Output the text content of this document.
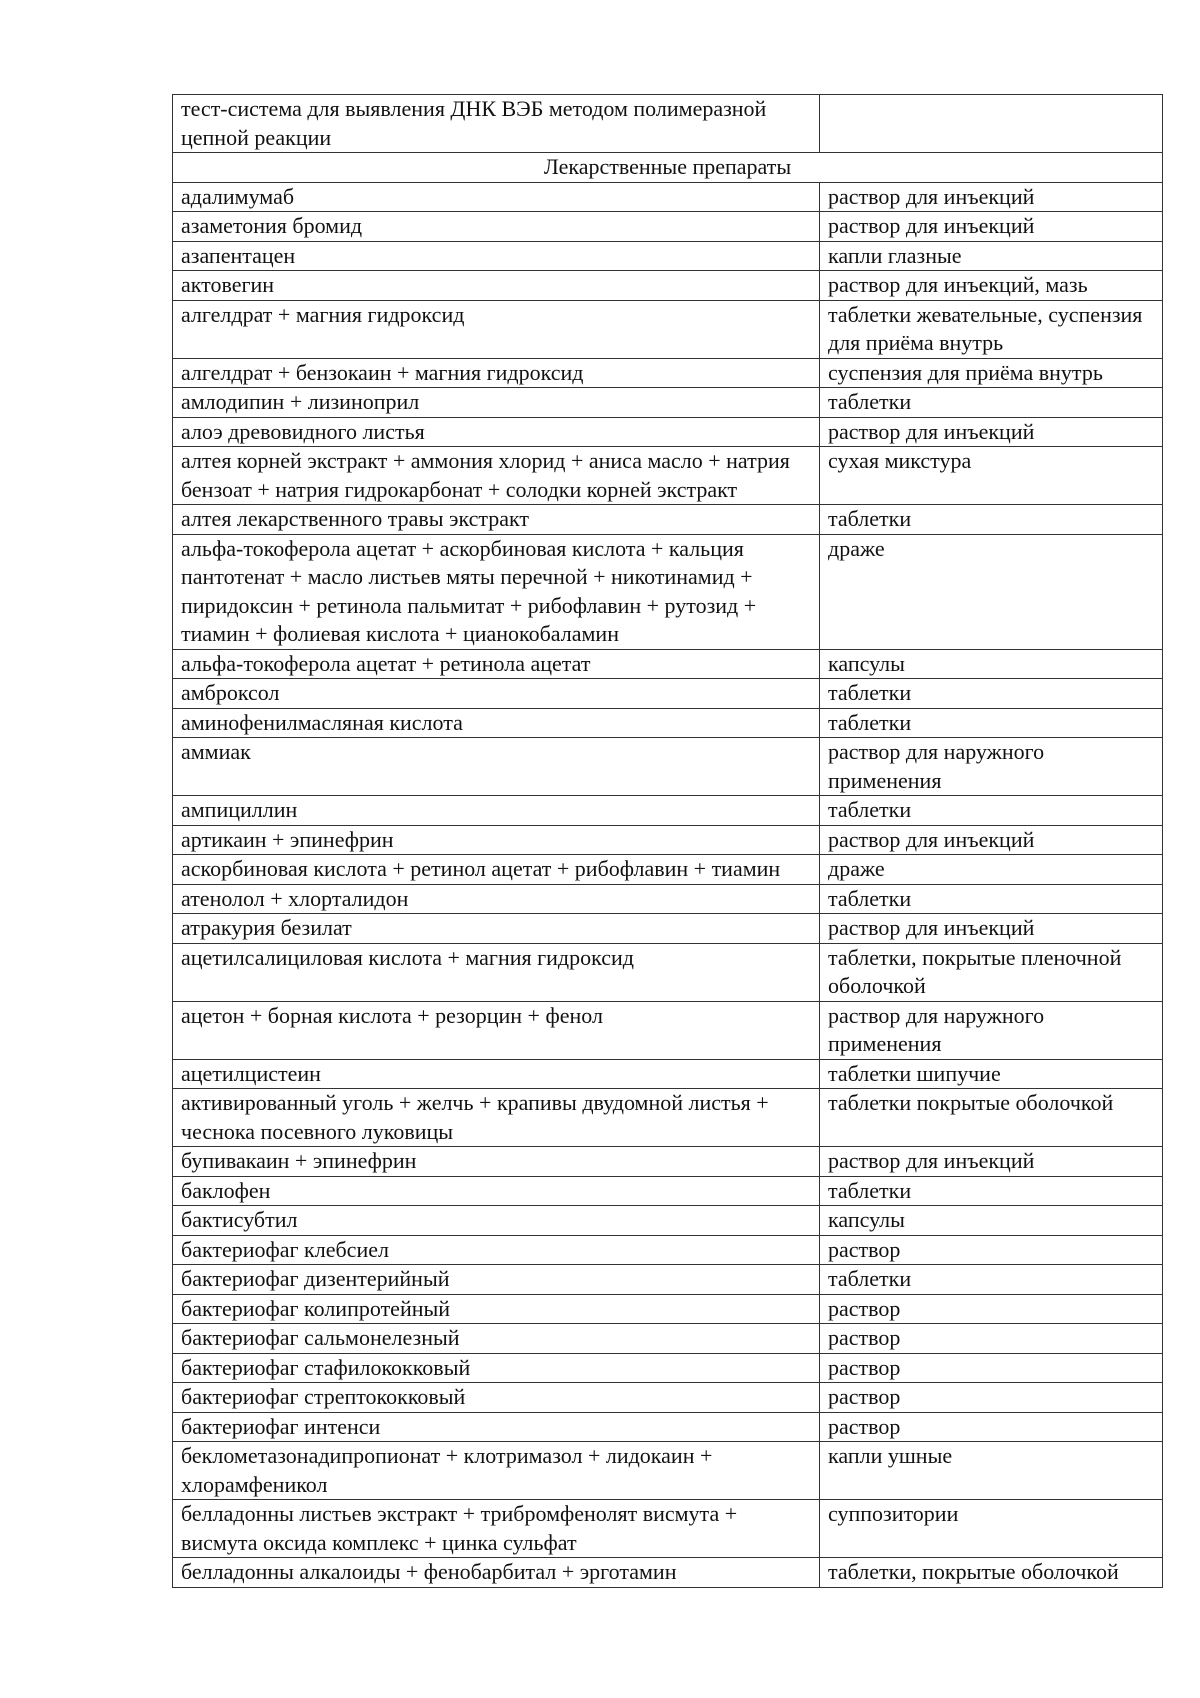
тест-система для выявления ДНК ВЭБ методом полимеразной цепной реакции	
Лекарственные препараты	
адалимумаб	раствор для инъекций
азаметония бромид	раствор для инъекций
азапентацен	капли глазные
актовегин	раствор для инъекций, мазь
алгелдрат + магния гидроксид	таблетки жевательные, суспензия для приёма внутрь
алгелдрат + бензокаин + магния гидроксид	суспензия для приёма внутрь
амлодипин + лизиноприл	таблетки
алоэ древовидного листья	раствор для инъекций
алтея корней экстракт + аммония хлорид + аниса масло + натрия бензоат + натрия гидрокарбонат + солодки корней экстракт	сухая микстура
алтея лекарственного травы экстракт	таблетки
альфа-токоферола ацетат + аскорбиновая кислота + кальция пантотенат + масло листьев мяты перечной + никотинамид + пиридоксин + ретинола пальмитат + рибофлавин + рутозид + тиамин + фолиевая кислота + цианокобаламин	драже
альфа-токоферола ацетат + ретинола ацетат	капсулы
амброксол	таблетки
аминофенилмасляная кислота	таблетки
аммиак	раствор для наружного применения
ампициллин	таблетки
артикаин + эпинефрин	раствор для инъекций
аскорбиновая кислота + ретинол ацетат + рибофлавин + тиамин	драже
атенолол + хлорталидон	таблетки
атракурия безилат	раствор для инъекций
ацетилсалициловая кислота + магния гидроксид	таблетки, покрытые пленочной оболочкой
ацетон + борная кислота + резорцин + фенол	раствор для наружного применения
ацетилцистеин	таблетки шипучие
активированный уголь + желчь + крапивы двудомной листья + чеснока посевного луковицы	таблетки покрытые оболочкой
бупивакаин + эпинефрин	раствор для инъекций
баклофен	таблетки
бактисубтил	капсулы
бактериофаг клебсиел	раствор
бактериофаг дизентерийный	таблетки
бактериофаг колипротейный	раствор
бактериофаг сальмонелезный	раствор
бактериофаг стафилококковый	раствор
бактериофаг стрептококковый	раствор
бактериофаг интенси	раствор
беклометазонадипропионат + клотримазол + лидокаин + хлорамфеникол	капли ушные
белладонны листьев экстракт + трибромфенолят висмута + висмута оксида комплекс + цинка сульфат	суппозитории
белладонны алкалоиды + фенобарбитал + эрготамин	таблетки, покрытые оболочкой
